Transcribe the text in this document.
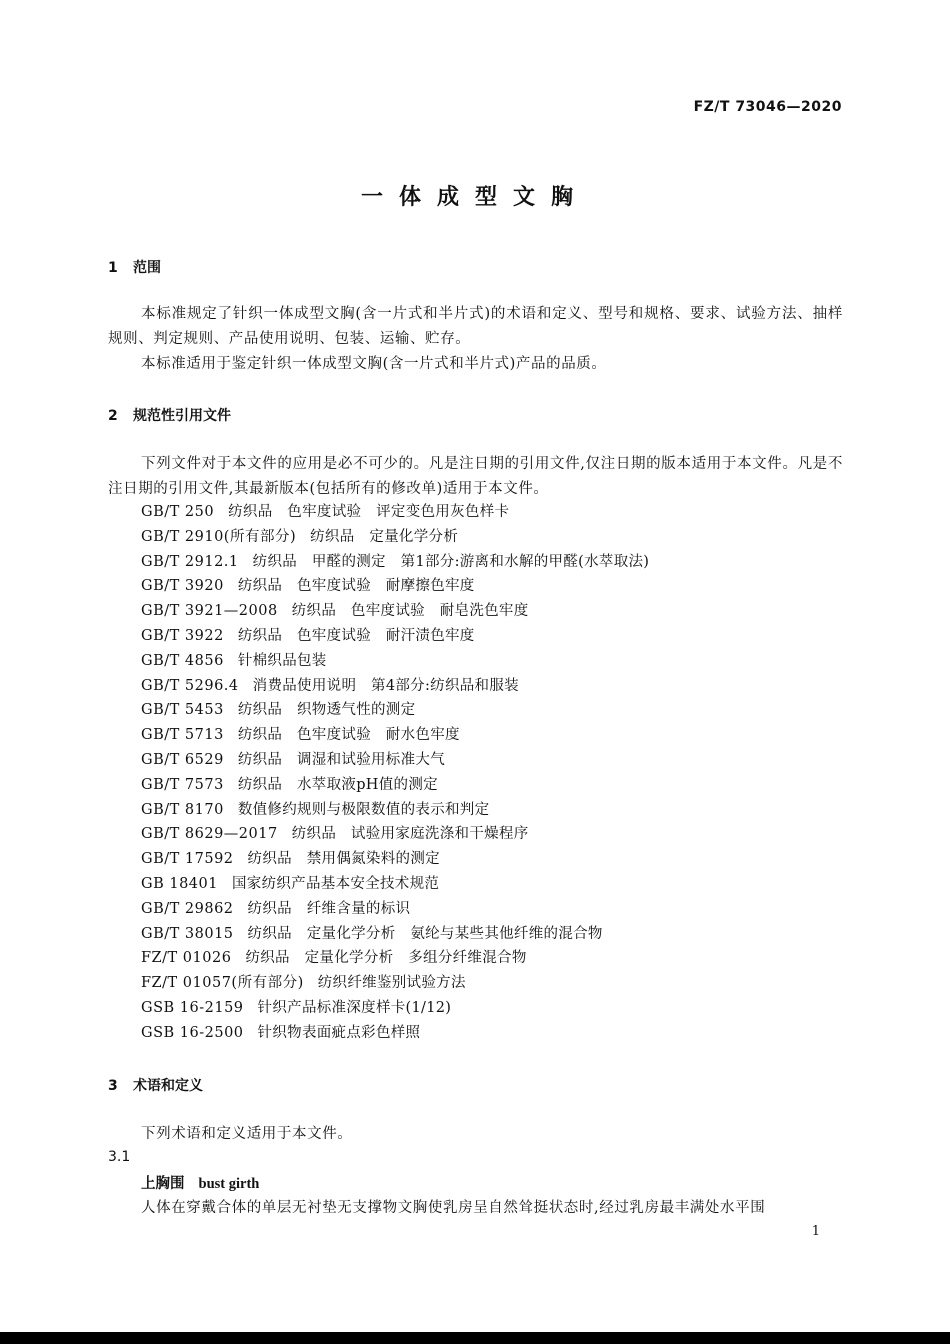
FZ/T 73046—2020
一体成型文胸
1 范围
本标准规定了针织一体成型文胸(含一片式和半片式)的术语和定义、型号和规格、要求、试验方法、抽样规则、判定规则、产品使用说明、包装、运输、贮存。
本标准适用于鉴定针织一体成型文胸(含一片式和半片式)产品的品质。
2 规范性引用文件
下列文件对于本文件的应用是必不可少的。凡是注日期的引用文件,仅注日期的版本适用于本文件。凡是不注日期的引用文件,其最新版本(包括所有的修改单)适用于本文件。
GB/T 250 纺织品　色牢度试验　评定变色用灰色样卡
GB/T 2910(所有部分) 纺织品　定量化学分析
GB/T 2912.1 纺织品　甲醛的测定　第1部分:游离和水解的甲醛(水萃取法)
GB/T 3920 纺织品　色牢度试验　耐摩擦色牢度
GB/T 3921—2008 纺织品　色牢度试验　耐皂洗色牢度
GB/T 3922 纺织品　色牢度试验　耐汗渍色牢度
GB/T 4856 针棉织品包装
GB/T 5296.4 消费品使用说明　第4部分:纺织品和服装
GB/T 5453 纺织品　织物透气性的测定
GB/T 5713 纺织品　色牢度试验　耐水色牢度
GB/T 6529 纺织品　调湿和试验用标准大气
GB/T 7573 纺织品　水萃取液pH值的测定
GB/T 8170 数值修约规则与极限数值的表示和判定
GB/T 8629—2017 纺织品　试验用家庭洗涤和干燥程序
GB/T 17592 纺织品　禁用偶氮染料的测定
GB 18401 国家纺织产品基本安全技术规范
GB/T 29862 纺织品　纤维含量的标识
GB/T 38015 纺织品　定量化学分析　氨纶与某些其他纤维的混合物
FZ/T 01026 纺织品　定量化学分析　多组分纤维混合物
FZ/T 01057(所有部分) 纺织纤维鉴别试验方法
GSB 16-2159 针织产品标准深度样卡(1/12)
GSB 16-2500 针织物表面疵点彩色样照
3 术语和定义
下列术语和定义适用于本文件。
3.1
上胸围 bust girth
人体在穿戴合体的单层无衬垫无支撑物文胸使乳房呈自然耸挺状态时,经过乳房最丰满处水平围
1
